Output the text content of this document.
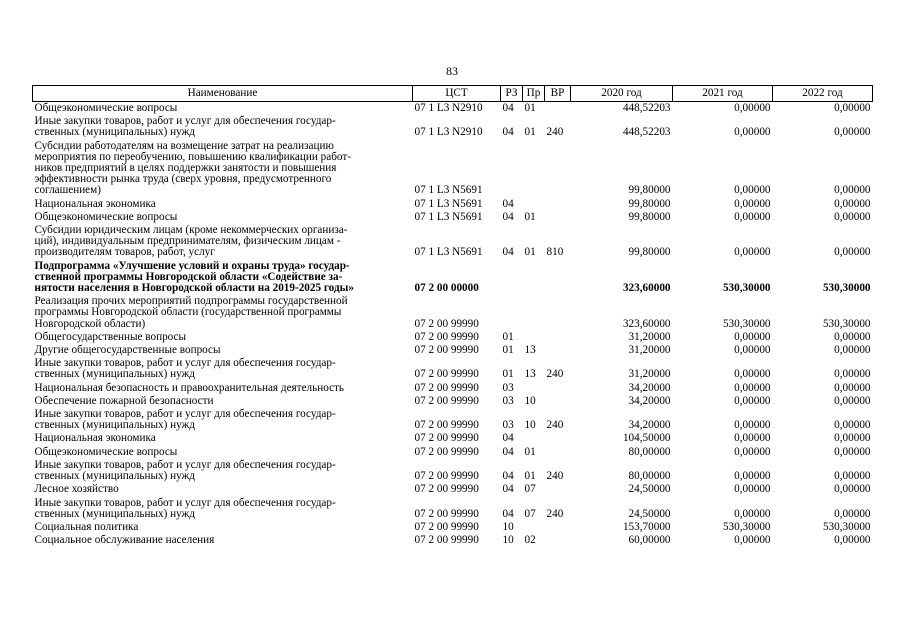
83
Наименование	ЦСТ	РЗ	Пр	ВР	2020 год	2021 год	2022 год

Общеэкономические вопросы	07 1 L3 N2910	04	01		448,52203	0,00000	0,00000

Иные закупки товаров, работ и услуг для обеспечения государ-
ственных (муниципальных) нужд	07 1 L3 N2910	04	01	240	448,52203	0,00000	0,00000

Субсидии работодателям на возмещение затрат на реализацию
мероприятия по переобучению, повышению квалификации работ-
ников предприятий в целях поддержки занятости и повышения
эффективности рынка труда (сверх уровня, предусмотренного
соглашением)	07 1 L3 N5691				99,80000	0,00000	0,00000

Национальная экономика	07 1 L3 N5691	04			99,80000	0,00000	0,00000

Общеэкономические вопросы	07 1 L3 N5691	04	01		99,80000	0,00000	0,00000

Субсидии юридическим лицам (кроме некоммерческих организа-
ций), индивидуальным предпринимателям, физическим лицам -
производителям товаров, работ, услуг	07 1 L3 N5691	04	01	810	99,80000	0,00000	0,00000

Подпрограмма «Улучшение условий и охраны труда» государ-
ственной программы Новгородской области «Содействие за-
нятости населения в Новгородской области на 2019-2025 годы»	07 2 00 00000				323,60000	530,30000	530,30000

Реализация прочих мероприятий подпрограммы государственной
программы Новгородской области (государственной программы
Новгородской области)	07 2 00 99990				323,60000	530,30000	530,30000

Общегосударственные вопросы	07 2 00 99990	01			31,20000	0,00000	0,00000

Другие общегосударственные вопросы	07 2 00 99990	01	13		31,20000	0,00000	0,00000

Иные закупки товаров, работ и услуг для обеспечения государ-
ственных (муниципальных) нужд	07 2 00 99990	01	13	240	31,20000	0,00000	0,00000

Национальная безопасность и правоохранительная деятельность	07 2 00 99990	03			34,20000	0,00000	0,00000

Обеспечение пожарной безопасности	07 2 00 99990	03	10		34,20000	0,00000	0,00000

Иные закупки товаров, работ и услуг для обеспечения государ-
ственных (муниципальных) нужд	07 2 00 99990	03	10	240	34,20000	0,00000	0,00000

Национальная экономика	07 2 00 99990	04			104,50000	0,00000	0,00000

Общеэкономические вопросы	07 2 00 99990	04	01		80,00000	0,00000	0,00000

Иные закупки товаров, работ и услуг для обеспечения государ-
ственных (муниципальных) нужд	07 2 00 99990	04	01	240	80,00000	0,00000	0,00000

Лесное хозяйство	07 2 00 99990	04	07		24,50000	0,00000	0,00000

Иные закупки товаров, работ и услуг для обеспечения государ-
ственных (муниципальных) нужд	07 2 00 99990	04	07	240	24,50000	0,00000	0,00000

Социальная политика	07 2 00 99990	10			153,70000	530,30000	530,30000

Социальное обслуживание населения	07 2 00 99990	10	02		60,00000	0,00000	0,00000
